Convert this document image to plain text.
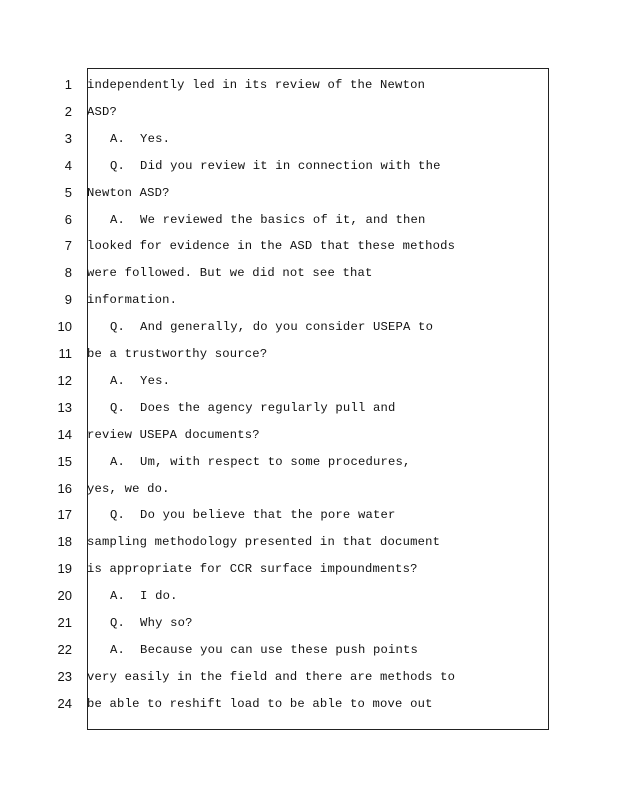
1 independently led in its review of the Newton
2 ASD?
3	A.  Yes.
4	Q.  Did you review it in connection with the
5 Newton ASD?
6	A.  We reviewed the basics of it, and then
7 looked for evidence in the ASD that these methods
8 were followed. But we did not see that
9 information.
10	Q.  And generally, do you consider USEPA to
11 be a trustworthy source?
12	A.  Yes.
13	Q.  Does the agency regularly pull and
14 review USEPA documents?
15	A.  Um, with respect to some procedures,
16 yes, we do.
17	Q.  Do you believe that the pore water
18 sampling methodology presented in that document
19 is appropriate for CCR surface impoundments?
20	A.  I do.
21	Q.  Why so?
22	A.  Because you can use these push points
23 very easily in the field and there are methods to
24 be able to reshift load to be able to move out
